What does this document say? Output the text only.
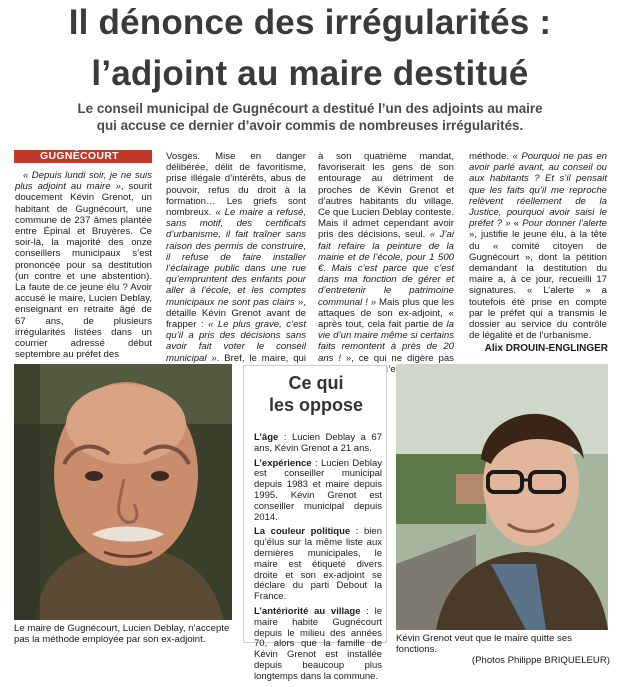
Il dénonce des irrégularités :
l’adjoint au maire destitué
Le conseil municipal de Gugnécourt a destitué l’un des adjoints au maire
qui accuse ce dernier d’avoir commis de nombreuses irrégularités.
GUGNÉCOURT
« Depuis lundi soir, je ne suis plus adjoint au maire », sourit doucement Kévin Grenot, un habitant de Gugnécourt, une commune de 237 âmes plantée entre Épinal et Bruyères. Ce soir-là, la majorité des onze conseillers municipaux s’est prononcée pour sa destitution (un contre et une abstention). La faute de ce jeune élu ? Avoir accusé le maire, Lucien Deblay, enseignant en retraite âgé de 67 ans, de plusieurs irrégularités listées dans un courrier adressé début septembre au préfet des
Vosges. Mise en danger délibérée, délit de favoritisme, prise illégale d’intérêts, abus de pouvoir, refus du droit à la formation… Les griefs sont nombreux. « Le maire a refusé, sans motif, des certificats d’urbanisme, il fait traîner sans raison des permis de construire, il refuse de faire installer l’éclairage public dans une rue qu’empruntent des enfants pour aller à l’école, et les comptes municipaux ne sont pas clairs », détaille Kévin Grenot avant de frapper : « Le plus grave, c’est qu’il a pris des décisions sans avoir fait voter le conseil municipal ». Bref, le maire, qui
à son quatrième mandat, favoriserait les gens de son entourage au détriment de proches de Kévin Grenot et d’autres habitants du village. Ce que Lucien Deblay conteste. Mais il admet cependant avoir pris des décisions, seul. « J’ai fait refaire la peinture de la mairie et de l’école, pour 1 500 €. Mais c’est parce que c’est dans ma fonction de gérer et d’entretenir le patrimoine communal ! » Mais plus que les attaques de son ex-adjoint, « après tout, cela fait partie de la vie d’un maire même si certains faits remontent à près de 20 ans ! », ce qui ne digère pas c’est
méthode. « Pourquoi ne pas en avoir parlé avant, au conseil ou aux habitants ? Et s’il pensait que les faits qu’il me reproche relèvent réellement de la Justice, pourquoi avoir saisi le préfet ? » « Pour donner l’alerte », justifie le jeune élu, à la tête du « comité citoyen de Gugnécourt », dont la pétition demandant la destitution du maire a, à ce jour, recueilli 17 signatures. « L’alerte » a toutefois été prise en compte par le préfet qui a transmis le dossier au service du contrôle de légalité et de l’urbanisme.
Alix DROUIN-ENGLINGER
Ce qui
les oppose

L’âge : Lucien Deblay a 67 ans, Kévin Grenot a 21 ans.

L’expérience : Lucien Deblay est conseiller municipal depuis 1983 et maire depuis 1995. Kévin Grenot est conseiller municipal depuis 2014.

La couleur politique : bien qu’élus sur la même liste aux dernières municipales, le maire est étiqueté divers droite et son ex-adjoint se déclare du parti Debout la France.

L’antériorité au village : le maire habite Gugnécourt depuis le milieu des années 70, alors que la famille de Kévin Grenot est installée depuis beaucoup plus longtemps dans la commune.

Le maire de Gugnécourt, Lucien Deblay, n’accepte pas la méthode employée par son ex-adjoint.	Kévin Grenot veut que le maire quitte ses fonctions.
(Photos Philippe BRIQUELEUR)
